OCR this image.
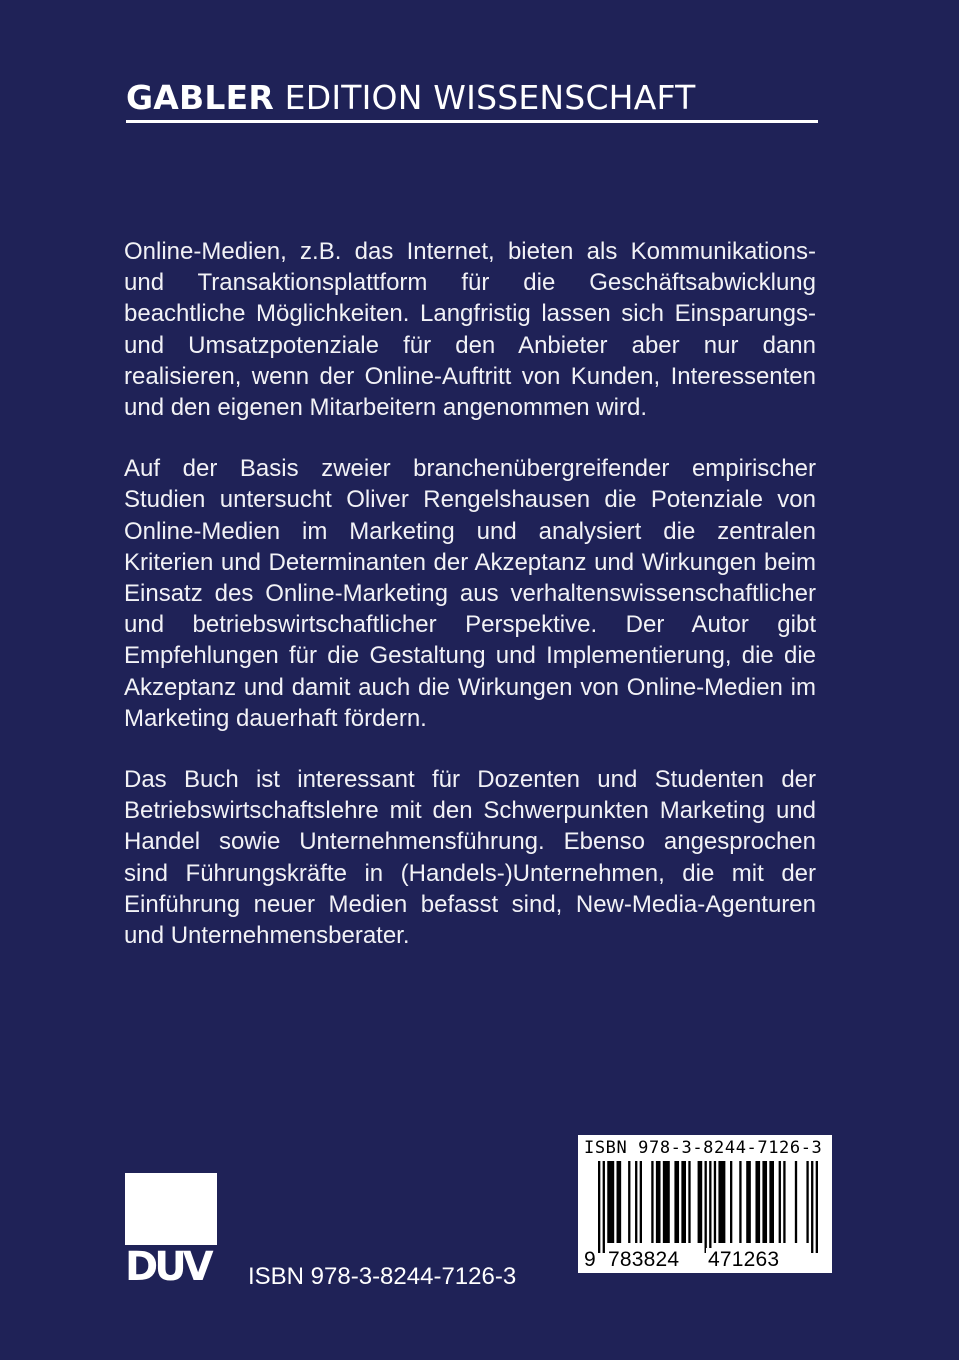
GABLER EDITION WISSENSCHAFT

Online-Medien, z.B. das Internet, bieten als Kommunikations- und Transaktionsplattform für die Geschäftsabwicklung beachtliche Möglichkeiten. Langfristig lassen sich Einsparungs- und Umsatzpotenziale für den Anbieter aber nur dann realisieren, wenn der Online-Auftritt von Kunden, Interessenten und den eigenen Mitarbeitern angenommen wird.

Auf der Basis zweier branchenübergreifender empirischer Studien untersucht Oliver Rengelshausen die Potenziale von Online-Medien im Marketing und analysiert die zentralen Kriterien und Determinanten der Akzeptanz und Wirkungen beim Einsatz des Online-Marketing aus verhaltenswissenschaftlicher und betriebswirtschaftlicher Perspektive. Der Autor gibt Empfehlungen für die Gestaltung und Implementierung, die die Akzeptanz und damit auch die Wirkungen von Online-Medien im Marketing dauerhaft fördern.

Das Buch ist interessant für Dozenten und Studenten der Betriebswirtschaftslehre mit den Schwerpunkten Marketing und Handel sowie Unternehmensführung. Ebenso angesprochen sind Führungskräfte in (Handels-)Unternehmen, die mit der Einführung neuer Medien befasst sind, New-Media-Agenturen und Unternehmensberater.

DUV	ISBN 978-3-8244-7126-3
ISBN 978-3-8244-7126-3
9 783824 471263
